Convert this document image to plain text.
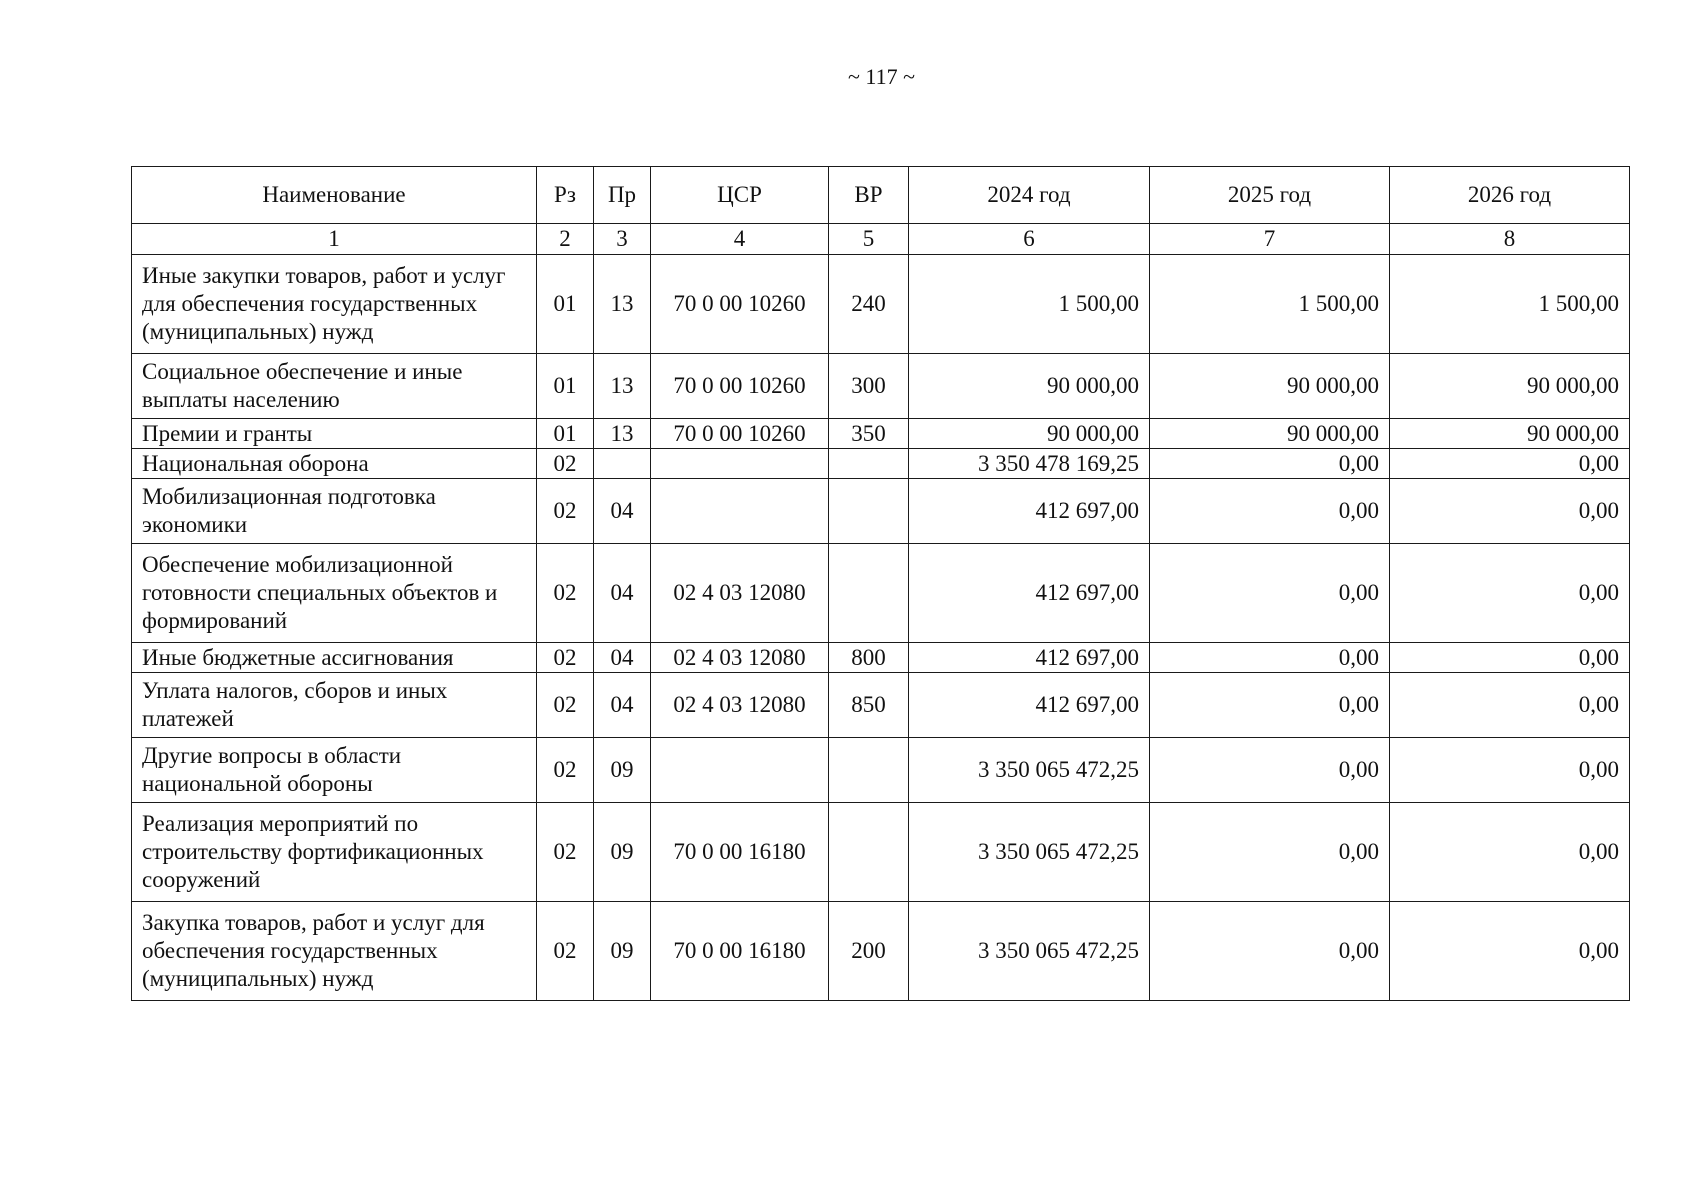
~ 117 ~
Наименование	Рз	Пр	ЦСР	ВР	2024 год	2025 год	2026 год
1	2	3	4	5	6	7	8
Иные закупки товаров, работ и услуг для обеспечения государственных (муниципальных) нужд	01	13	70 0 00 10260	240	1 500,00	1 500,00	1 500,00
Социальное обеспечение и иные выплаты населению	01	13	70 0 00 10260	300	90 000,00	90 000,00	90 000,00
Премии и гранты	01	13	70 0 00 10260	350	90 000,00	90 000,00	90 000,00
Национальная оборона	02				3 350 478 169,25	0,00	0,00
Мобилизационная подготовка экономики	02	04			412 697,00	0,00	0,00
Обеспечение мобилизационной готовности специальных объектов и формирований	02	04	02 4 03 12080		412 697,00	0,00	0,00
Иные бюджетные ассигнования	02	04	02 4 03 12080	800	412 697,00	0,00	0,00
Уплата налогов, сборов и иных платежей	02	04	02 4 03 12080	850	412 697,00	0,00	0,00
Другие вопросы в области национальной обороны	02	09			3 350 065 472,25	0,00	0,00
Реализация мероприятий по строительству фортификационных сооружений	02	09	70 0 00 16180		3 350 065 472,25	0,00	0,00
Закупка товаров, работ и услуг для обеспечения государственных (муниципальных) нужд	02	09	70 0 00 16180	200	3 350 065 472,25	0,00	0,00
